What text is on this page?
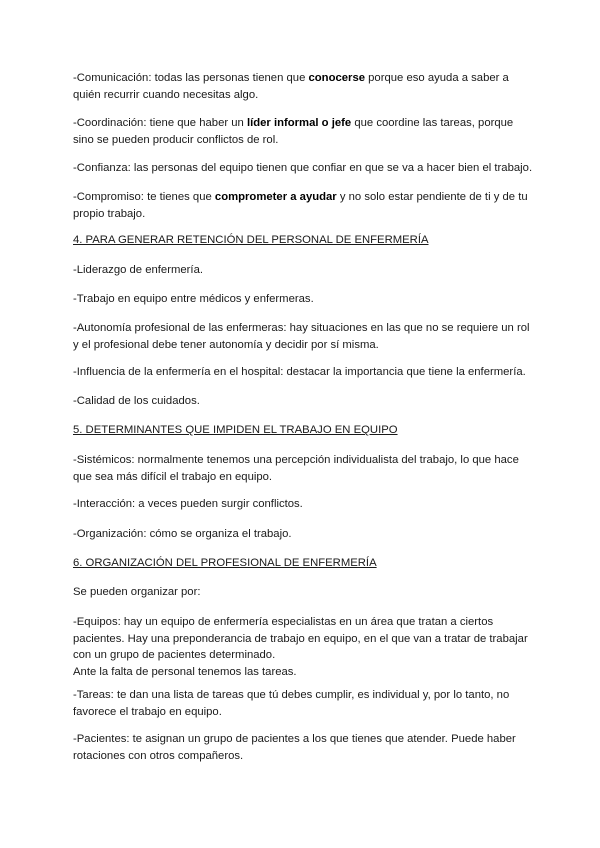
-Comunicación: todas las personas tienen que conocerse porque eso ayuda a saber a
quién recurrir cuando necesitas algo.

-Coordinación: tiene que haber un líder informal o jefe que coordine las tareas, porque
sino se pueden producir conflictos de rol.

-Confianza: las personas del equipo tienen que confiar en que se va a hacer bien el trabajo.

-Compromiso: te tienes que comprometer a ayudar y no solo estar pendiente de ti y de tu
propio trabajo.

4. PARA GENERAR RETENCIÓN DEL PERSONAL DE ENFERMERÍA

-Liderazgo de enfermería.

-Trabajo en equipo entre médicos y enfermeras.

-Autonomía profesional de las enfermeras: hay situaciones en las que no se requiere un rol
y el profesional debe tener autonomía y decidir por sí misma.

-Influencia de la enfermería en el hospital: destacar la importancia que tiene la enfermería.

-Calidad de los cuidados.

5. DETERMINANTES QUE IMPIDEN EL TRABAJO EN EQUIPO

-Sistémicos: normalmente tenemos una percepción individualista del trabajo, lo que hace
que sea más difícil el trabajo en equipo.

-Interacción: a veces pueden surgir conflictos.

-Organización: cómo se organiza el trabajo.

6. ORGANIZACIÓN DEL PROFESIONAL DE ENFERMERÍA

Se pueden organizar por:

-Equipos: hay un equipo de enfermería especialistas en un área que tratan a ciertos
pacientes. Hay una preponderancia de trabajo en equipo, en el que van a tratar de trabajar
con un grupo de pacientes determinado.
Ante la falta de personal tenemos las tareas.

-Tareas: te dan una lista de tareas que tú debes cumplir, es individual y, por lo tanto, no
favorece el trabajo en equipo.

-Pacientes: te asignan un grupo de pacientes a los que tienes que atender. Puede haber
rotaciones con otros compañeros.
